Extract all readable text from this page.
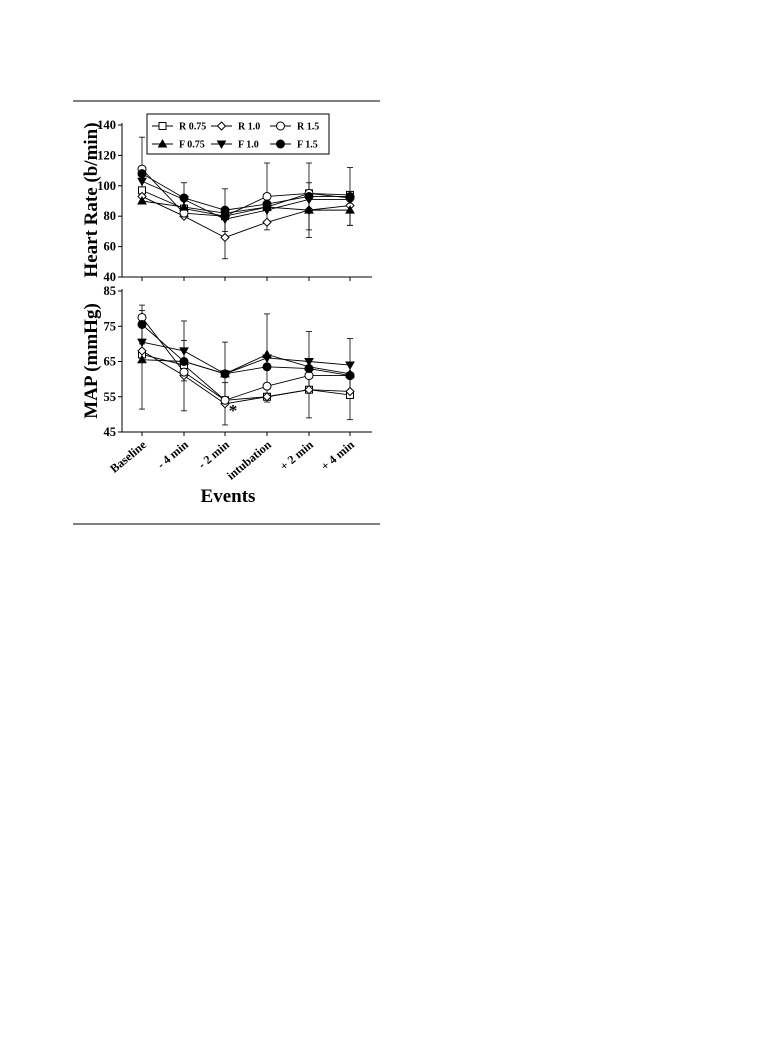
40
60
80
100
120
140
Heart Rate (b/min)
45
55
65
75
85
MAP (mmHg)	*
Baseline - 4 min - 2 min
intubation + 2 min + 4 min
Events
R 0.75	R 1.0	R 1.5
F 0.75	F 1.0	F 1.5
